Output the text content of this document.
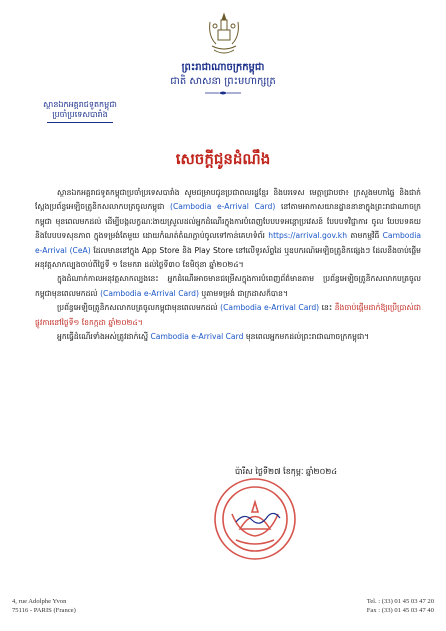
ព្រះរាជាណាចក្រកម្ពុជា
ជាតិ សាសនា ព្រះមហាក្សត្រ
ស្ថានឯកអគ្គរាជទូតកម្ពុជា
ប្រចាំប្រទេសបារាំង
សេចក្តីជូនដំណឹង

ស្ថានឯកអគ្គរាជទូតកម្ពុជាប្រចាំប្រទេសបារាំង សូមជម្រាបជូនប្រជាពលរដ្ឋខ្មែរ និងបរទេស មេត្តាជ្រាបថា៖ ក្រសួងមហាផ្ទៃ និងជាក់ស្តែងប្រព័ន្ធអេឡិចត្រូនិកសលាកបត្រចូលកម្ពុជា (Cambodia e-Arrival Card) នៅតាមអាកាសយានដ្ឋាននានាក្នុងព្រះរាជាណាចក្រកម្ពុជា មុនពេលមកដល់ ដើម្បីបង្កលក្ខណៈងាយស្រួលដល់អ្នកដំណើរក្នុងការបំពេញបែបបទអន្តោប្រវេសន៍ បែបបទវិជ្ជាការ ចូល បែបបទគយ និងបែបបទសុខភាព ក្នុងទម្រង់តែមួយ ដោយកំណត់តំណភ្ជាប់ចូលទៅកាន់គេហទំព័រ https://arrival.gov.kh តាមកម្មវិធី Cambodia e-Arrival (CeA) ដែលមាននៅក្នុង App Store និង Play Store នៅលើទូរស័ព្ទដៃ ឬឧបករណ៍អេឡិចត្រូនិកផ្សេងៗ ដែលនឹងចាប់ផ្តើមអនុវត្តសាកល្បងចាប់ពីថ្ងៃទី ១ ខែមករា ដល់ថ្ងៃទី៣០ ខែមិថុនា ឆ្នាំ២០២៤។

ក្នុងដំណាក់កាលអនុវត្តសាកល្បងនេះ អ្នកដំណើរអាចមានជម្រើសក្នុងការបំពេញព័ត៌មានតាម ប្រព័ន្ធអេឡិចត្រូនិកសលាកបត្រចូលកម្ពុជាមុនពេលមកដល់ (Cambodia e-Arrival Card) ឬតាមទម្រង់ ជាក្រដាសក៏បាន។

ប្រព័ន្ធអេឡិចត្រូនិកសលាកបត្រចូលកម្ពុជាមុនពេលមកដល់ (Cambodia e-Arrival Card) នេះ នឹងចាប់ផ្តើមដាក់ឱ្យប្រើប្រាស់ជាផ្លូវការនៅថ្ងៃទី១ ខែកក្កដា ឆ្នាំ២០២៤។

អ្នកធ្វើដំណើរទាំងអស់ត្រូវដាក់ស្នើ Cambodia e-Arrival Card មុនពេលអ្នកមកដល់ព្រះរាជាណាចក្រកម្ពុជា។

ប៉ារីស ថ្ងៃទី២៧ ខែកុម្ភៈ ឆ្នាំ២០២៤
4, rue Adolphe Yvon
75116 - PARIS (France)
Tel. : (33) 01 45 03 47 20
Fax : (33) 01 45 03 47 40
